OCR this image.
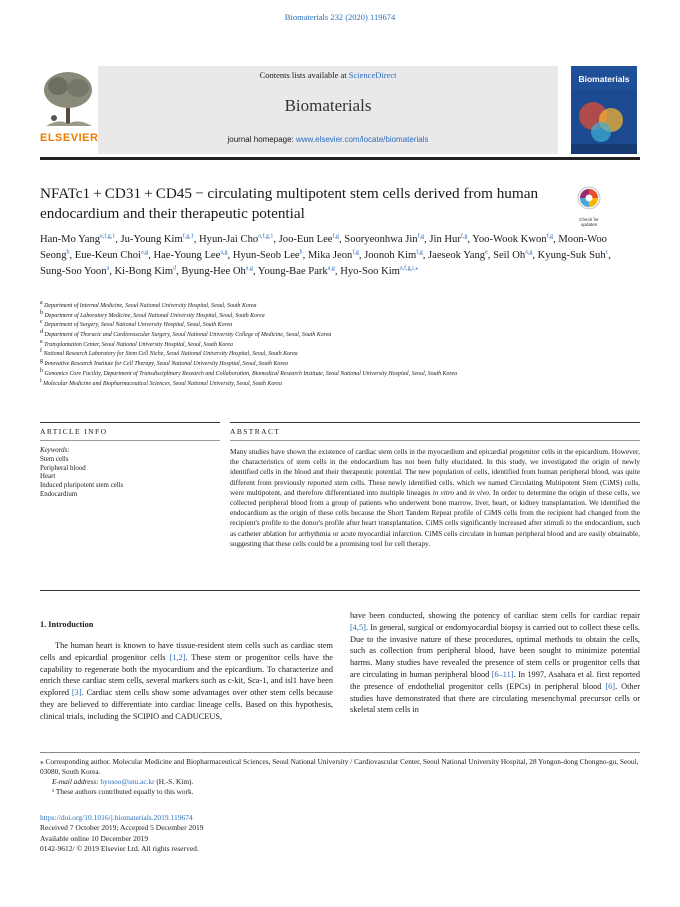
Biomaterials 232 (2020) 119674
ELSEVIER
Contents lists available at ScienceDirect
Biomaterials
journal homepage: www.elsevier.com/locate/biomaterials
Biomaterials
NFATc1 + CD31 + CD45 − circulating multipotent stem cells derived from human endocardium and their therapeutic potential	Check for updates
Han-Mo Yang$^{a,f,g,1}$, Ju-Young Kim$^{f,g,1}$, Hyun-Jai Cho$^{a,f,g,1}$, Joo-Eun Lee$^{f,g}$, Sooryeonhwa Jin$^{f,g}$, Jin Hur$^{f,g}$, Yoo-Wook Kwon$^{f,g}$, Moon-Woo Seong$^b$, Eue-Keun Choi$^{a,g}$, Hae-Young Lee$^{a,g}$, Hyun-Seob Lee$^h$, Mika Jeon$^{f,g}$, Joonoh Kim$^{f,g}$, Jaeseok Yang$^e$, Seil Oh$^{a,g}$, Kyung-Suk Suh$^c$, Sung-Soo Yoon$^a$, Ki-Bong Kim$^d$, Byung-Hee Oh$^{a,g}$, Young-Bae Park$^{a,g}$, Hyo-Soo Kim$^{a,f,g,i,⁎}$
$^a$ Department of Internal Medicine, Seoul National University Hospital, Seoul, South Korea
$^b$ Department of Laboratory Medicine, Seoul National University Hospital, Seoul, South Korea
$^c$ Department of Surgery, Seoul National University Hospital, Seoul, South Korea
$^d$ Department of Thoracic and Cardiovascular Surgery, Seoul National University College of Medicine, Seoul, South Korea
$^e$ Transplantation Center, Seoul National University Hospital, Seoul, South Korea
$^f$ National Research Laboratory for Stem Cell Niche, Seoul National University Hospital, Seoul, South Korea
$^g$ Innovative Research Institute for Cell Therapy, Seoul National University Hospital, Seoul, South Korea
$^h$ Genomics Core Facility, Department of Transdisciplinary Research and Collaboration, Biomedical Research Institute, Seoul National University Hospital, Seoul, South Korea
$^i$ Molecular Medicine and Biopharmaceutical Sciences, Seoul National University, Seoul, South Korea
ARTICLE INFO	ABSTRACT
Keywords:
Stem cells
Peripheral blood
Heart
Induced pluripotent stem cells
Endocardium
Many studies have shown the existence of cardiac stem cells in the myocardium and epicardial progenitor cells in the epicardium. However, the characteristics of stem cells in the endocardium has not been fully elucidated. In this study, we investigated the origin of newly identified cells in the blood and their therapeutic potential. The new population of cells, identified from human peripheral blood, was quite different from previously reported stem cells. These newly identified cells, which we named Circulating Multipotent Stem (CiMS) cells, were multipotent, and therefore differentiated into multiple lineages in vitro and in vivo. In order to determine the origin of these cells, we collected peripheral blood from a group of patients who underwent bone marrow, liver, heart, or kidney transplantation. We identified the endocardium as the origin of these cells because the Short Tandem Repeat profile of CiMS cells from the recipient had changed from the recipient's profile to the donor's profile after heart transplantation. CiMS cells significantly increased after stimuli to the endocardium, such as catheter ablation for arrhythmia or acute myocardial infarction. CiMS cells circulate in human peripheral blood and are easily obtainable, suggesting that these cells could be a promising tool for cell therapy.
1. Introduction
The human heart is known to have tissue-resident stem cells such as cardiac stem cells and epicardial progenitor cells [1,2]. These stem or progenitor cells have the capability to regenerate both the myocardium and the epicardium. To characterize and enrich these cardiac stem cells, several markers such as c-kit, Sca-1, and isl1 have been explored [3]. Cardiac stem cells show some advantages over other stem cells because they are believed to differentiate into cardiac lineage cells. Based on this hypothesis, clinical trials, including the SCIPIO and CADUCEUS,
have been conducted, showing the potency of cardiac stem cells for cardiac repair [4,5]. In general, surgical or endomyocardial biopsy is carried out to collect these cells. Due to the invasive nature of these procedures, optimal methods to obtain the cells, such as collection from peripheral blood, have been sought to minimize potential harms. Many studies have revealed the presence of stem cells or progenitor cells that are circulating in human peripheral blood [6–11]. In 1997, Asahara et al. first reported the presence of endothelial progenitor cells (EPCs) in peripheral blood [6]. Other studies have demonstrated that there are circulating mesenchymal precursor cells or skeletal stem cells in
⁎ Corresponding author. Molecular Medicine and Biopharmaceutical Sciences, Seoul National University / Cardiovascular Center, Seoul National University Hospital, 28 Yongon-dong Chongno-gu, Seoul, 03080, South Korea.
E-mail address: hyosoo@snu.ac.kr (H.-S. Kim).
¹ These authors contributed equally to this work.
https://doi.org/10.1016/j.biomaterials.2019.119674
Received 7 October 2019; Accepted 5 December 2019
Available online 10 December 2019
0142-9612/ © 2019 Elsevier Ltd. All rights reserved.
